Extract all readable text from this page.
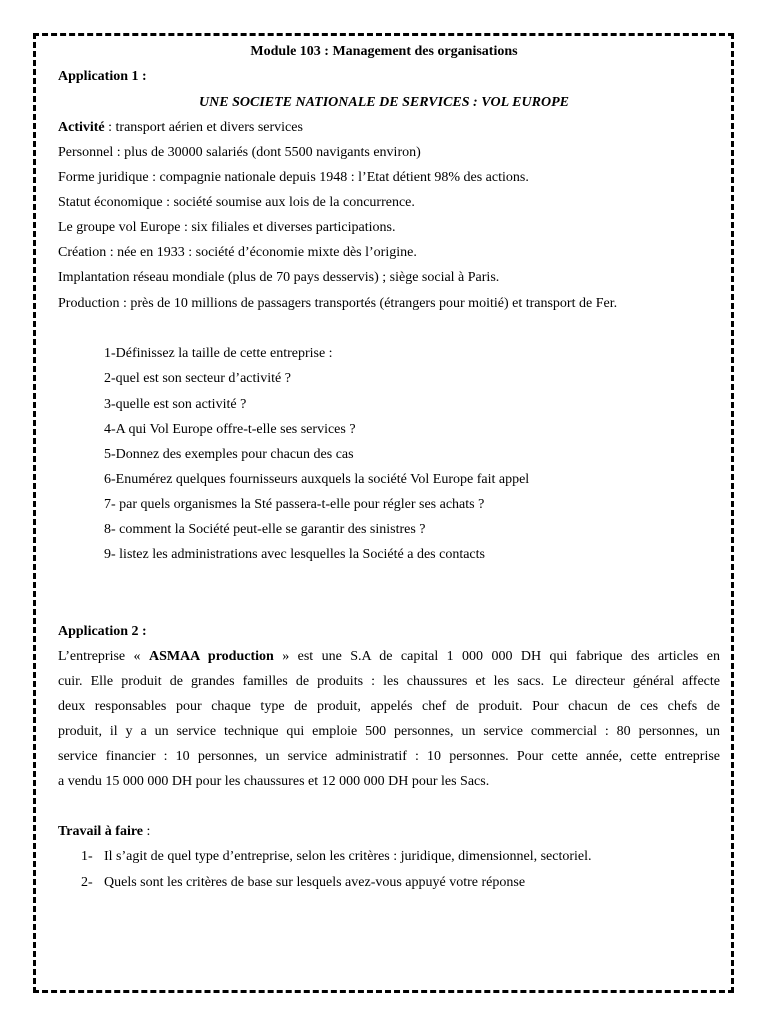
Module 103 : Management des organisations
Application 1 :
UNE SOCIETE NATIONALE DE SERVICES : VOL EUROPE
Activité : transport aérien et divers services
Personnel : plus de 30000 salariés (dont 5500 navigants environ)
Forme juridique : compagnie nationale depuis 1948 : l’Etat détient 98% des actions.
Statut économique : société soumise aux lois de la concurrence.
Le groupe vol Europe : six filiales et diverses participations.
Création : née en 1933 : société d’économie mixte dès l’origine.
Implantation réseau mondiale (plus de 70 pays desservis) ; siège social à Paris.
Production : près de 10 millions de passagers transportés (étrangers pour moitié) et transport de Fer.
1-Définissez la taille de cette entreprise :
2-quel est son secteur d’activité ?
3-quelle est son activité ?
4-A qui Vol Europe offre-t-elle ses services ?
5-Donnez des exemples pour chacun des cas
6-Enumérez quelques fournisseurs auxquels la société Vol Europe fait appel
7- par quels organismes la Sté passera-t-elle pour régler ses achats ?
8- comment la Société peut-elle se garantir des sinistres ?
9- listez les administrations avec lesquelles la Société a des contacts
Application 2 :
L’entreprise « ASMAA production » est une S.A de capital 1 000 000 DH qui fabrique des articles en
cuir. Elle produit de grandes familles de produits : les chaussures et les sacs. Le directeur général affecte
deux responsables pour chaque type de produit, appelés chef de produit. Pour chacun de ces chefs de
produit, il y a un service technique qui emploie 500 personnes, un service commercial : 80 personnes, un
service financier : 10 personnes, un service administratif : 10 personnes. Pour cette année, cette entreprise
a vendu 15 000 000 DH pour les chaussures et 12 000 000 DH pour les Sacs.
Travail à faire :
1- Il s’agit de quel type d’entreprise, selon les critères : juridique, dimensionnel, sectoriel.
2- Quels sont les critères de base sur lesquels avez-vous appuyé votre réponse
